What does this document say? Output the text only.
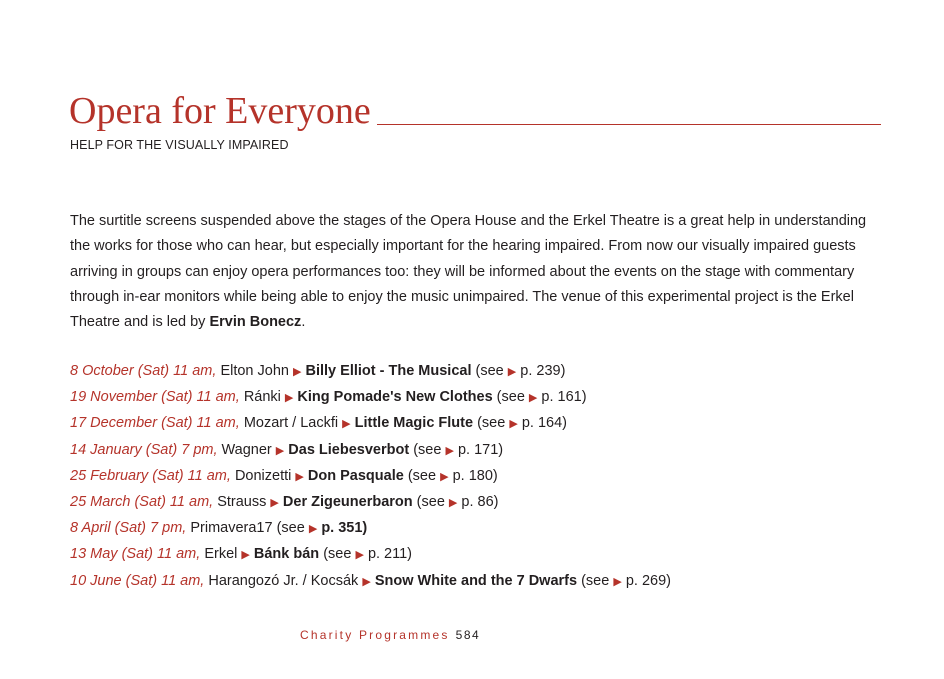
Opera for Everyone
HELP FOR THE VISUALLY IMPAIRED

The surtitle screens suspended above the stages of the Opera House and the Erkel Theatre is a great help in understanding the works for those who can hear, but especially important for the hearing impaired. From now our visually impaired guests arriving in groups can enjoy opera performances too: they will be informed about the events on the stage with commentary through in-ear monitors while being able to enjoy the music unimpaired. The venue of this experimental project is the Erkel Theatre and is led by Ervin Bonecz.

8 October (Sat) 11 am, Elton John ▶ Billy Elliot - The Musical (see ▶ p. 239)
19 November (Sat) 11 am, Ránki ▶ King Pomade's New Clothes (see ▶ p. 161)
17 December (Sat) 11 am, Mozart / Lackfi ▶ Little Magic Flute (see ▶ p. 164)
14 January (Sat) 7 pm, Wagner ▶ Das Liebesverbot (see ▶ p. 171)
25 February (Sat) 11 am, Donizetti ▶ Don Pasquale (see ▶ p. 180)
25 March (Sat) 11 am, Strauss ▶ Der Zigeunerbaron (see ▶ p. 86)
8 April (Sat) 7 pm, Primavera17 (see ▶ p. 351)
13 May (Sat) 11 am, Erkel ▶ Bánk bán (see ▶ p. 211)
10 June (Sat) 11 am, Harangozó Jr. / Kocsák ▶ Snow White and the 7 Dwarfs (see ▶ p. 269)
Charity Programmes 584
